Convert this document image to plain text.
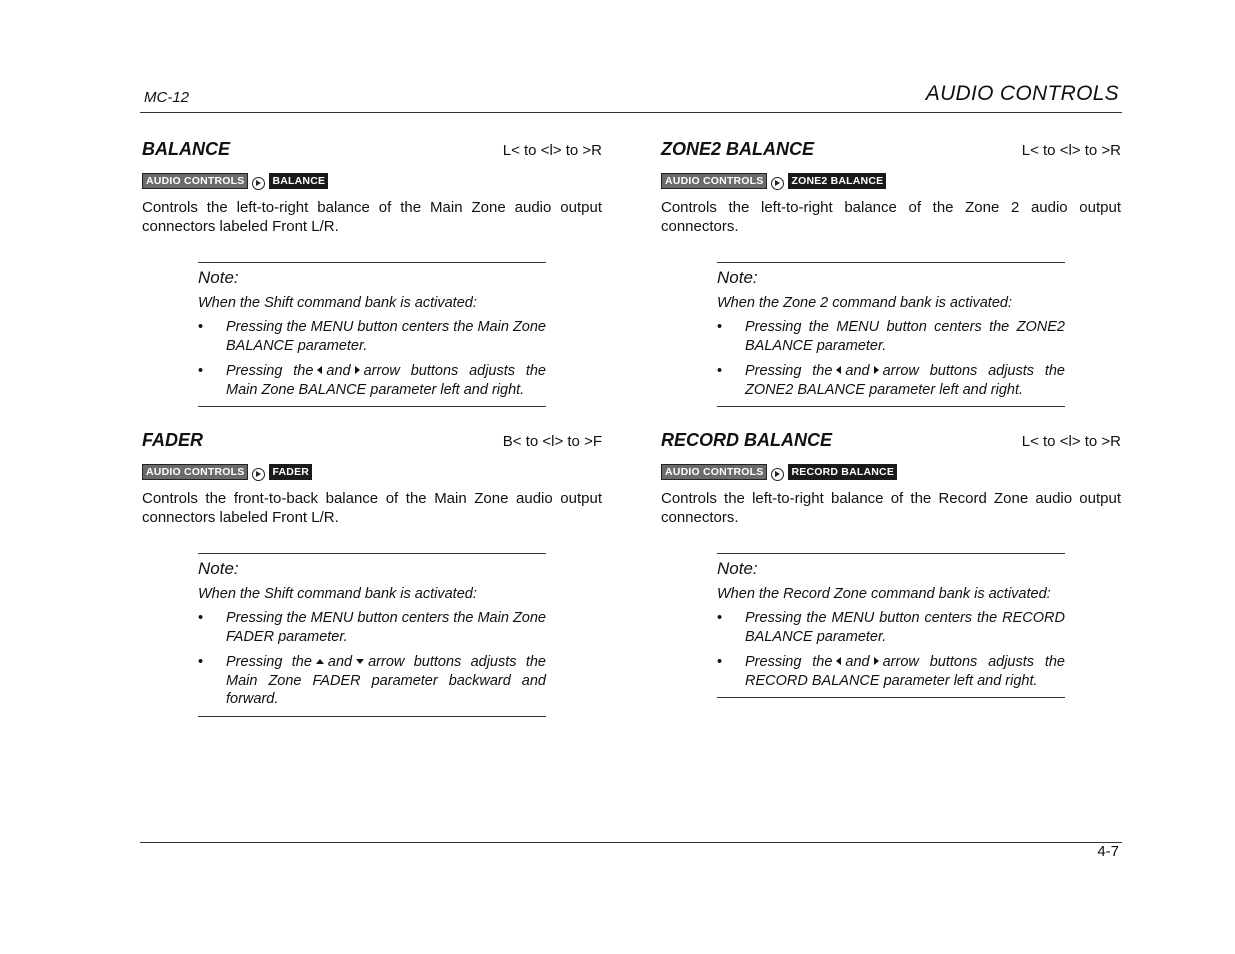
MC-12	AUDIO CONTROLS
BALANCE	L< to <l> to >R
AUDIO CONTROLS	BALANCE
Controls the left-to-right balance of the Main Zone audio output connectors labeled Front L/R.
Note:
When the Shift command bank is activated:
• Pressing the MENU button centers the Main Zone BALANCE parameter.
• Pressing the and arrow buttons adjusts the Main Zone BALANCE parameter left and right.
ZONE2 BALANCE	L< to <l> to >R
AUDIO CONTROLS	ZONE2 BALANCE
Controls the left-to-right balance of the Zone 2 audio output connectors.
Note:
When the Zone 2 command bank is activated:
• Pressing the MENU button centers the ZONE2 BALANCE parameter.
• Pressing the and arrow buttons adjusts the ZONE2 BALANCE parameter left and right.
FADER	B< to <l> to >F
AUDIO CONTROLS	FADER
Controls the front-to-back balance of the Main Zone audio output connectors labeled Front L/R.
Note:
When the Shift command bank is activated:
• Pressing the MENU button centers the Main Zone FADER parameter.
• Pressing the and arrow buttons adjusts the Main Zone FADER parameter backward and forward.
RECORD BALANCE	L< to <l> to >R
AUDIO CONTROLS	RECORD BALANCE
Controls the left-to-right balance of the Record Zone audio output connectors.
Note:
When the Record Zone command bank is activated:
• Pressing the MENU button centers the RECORD BALANCE parameter.
• Pressing the and arrow buttons adjusts the RECORD BALANCE parameter left and right.
4-7
